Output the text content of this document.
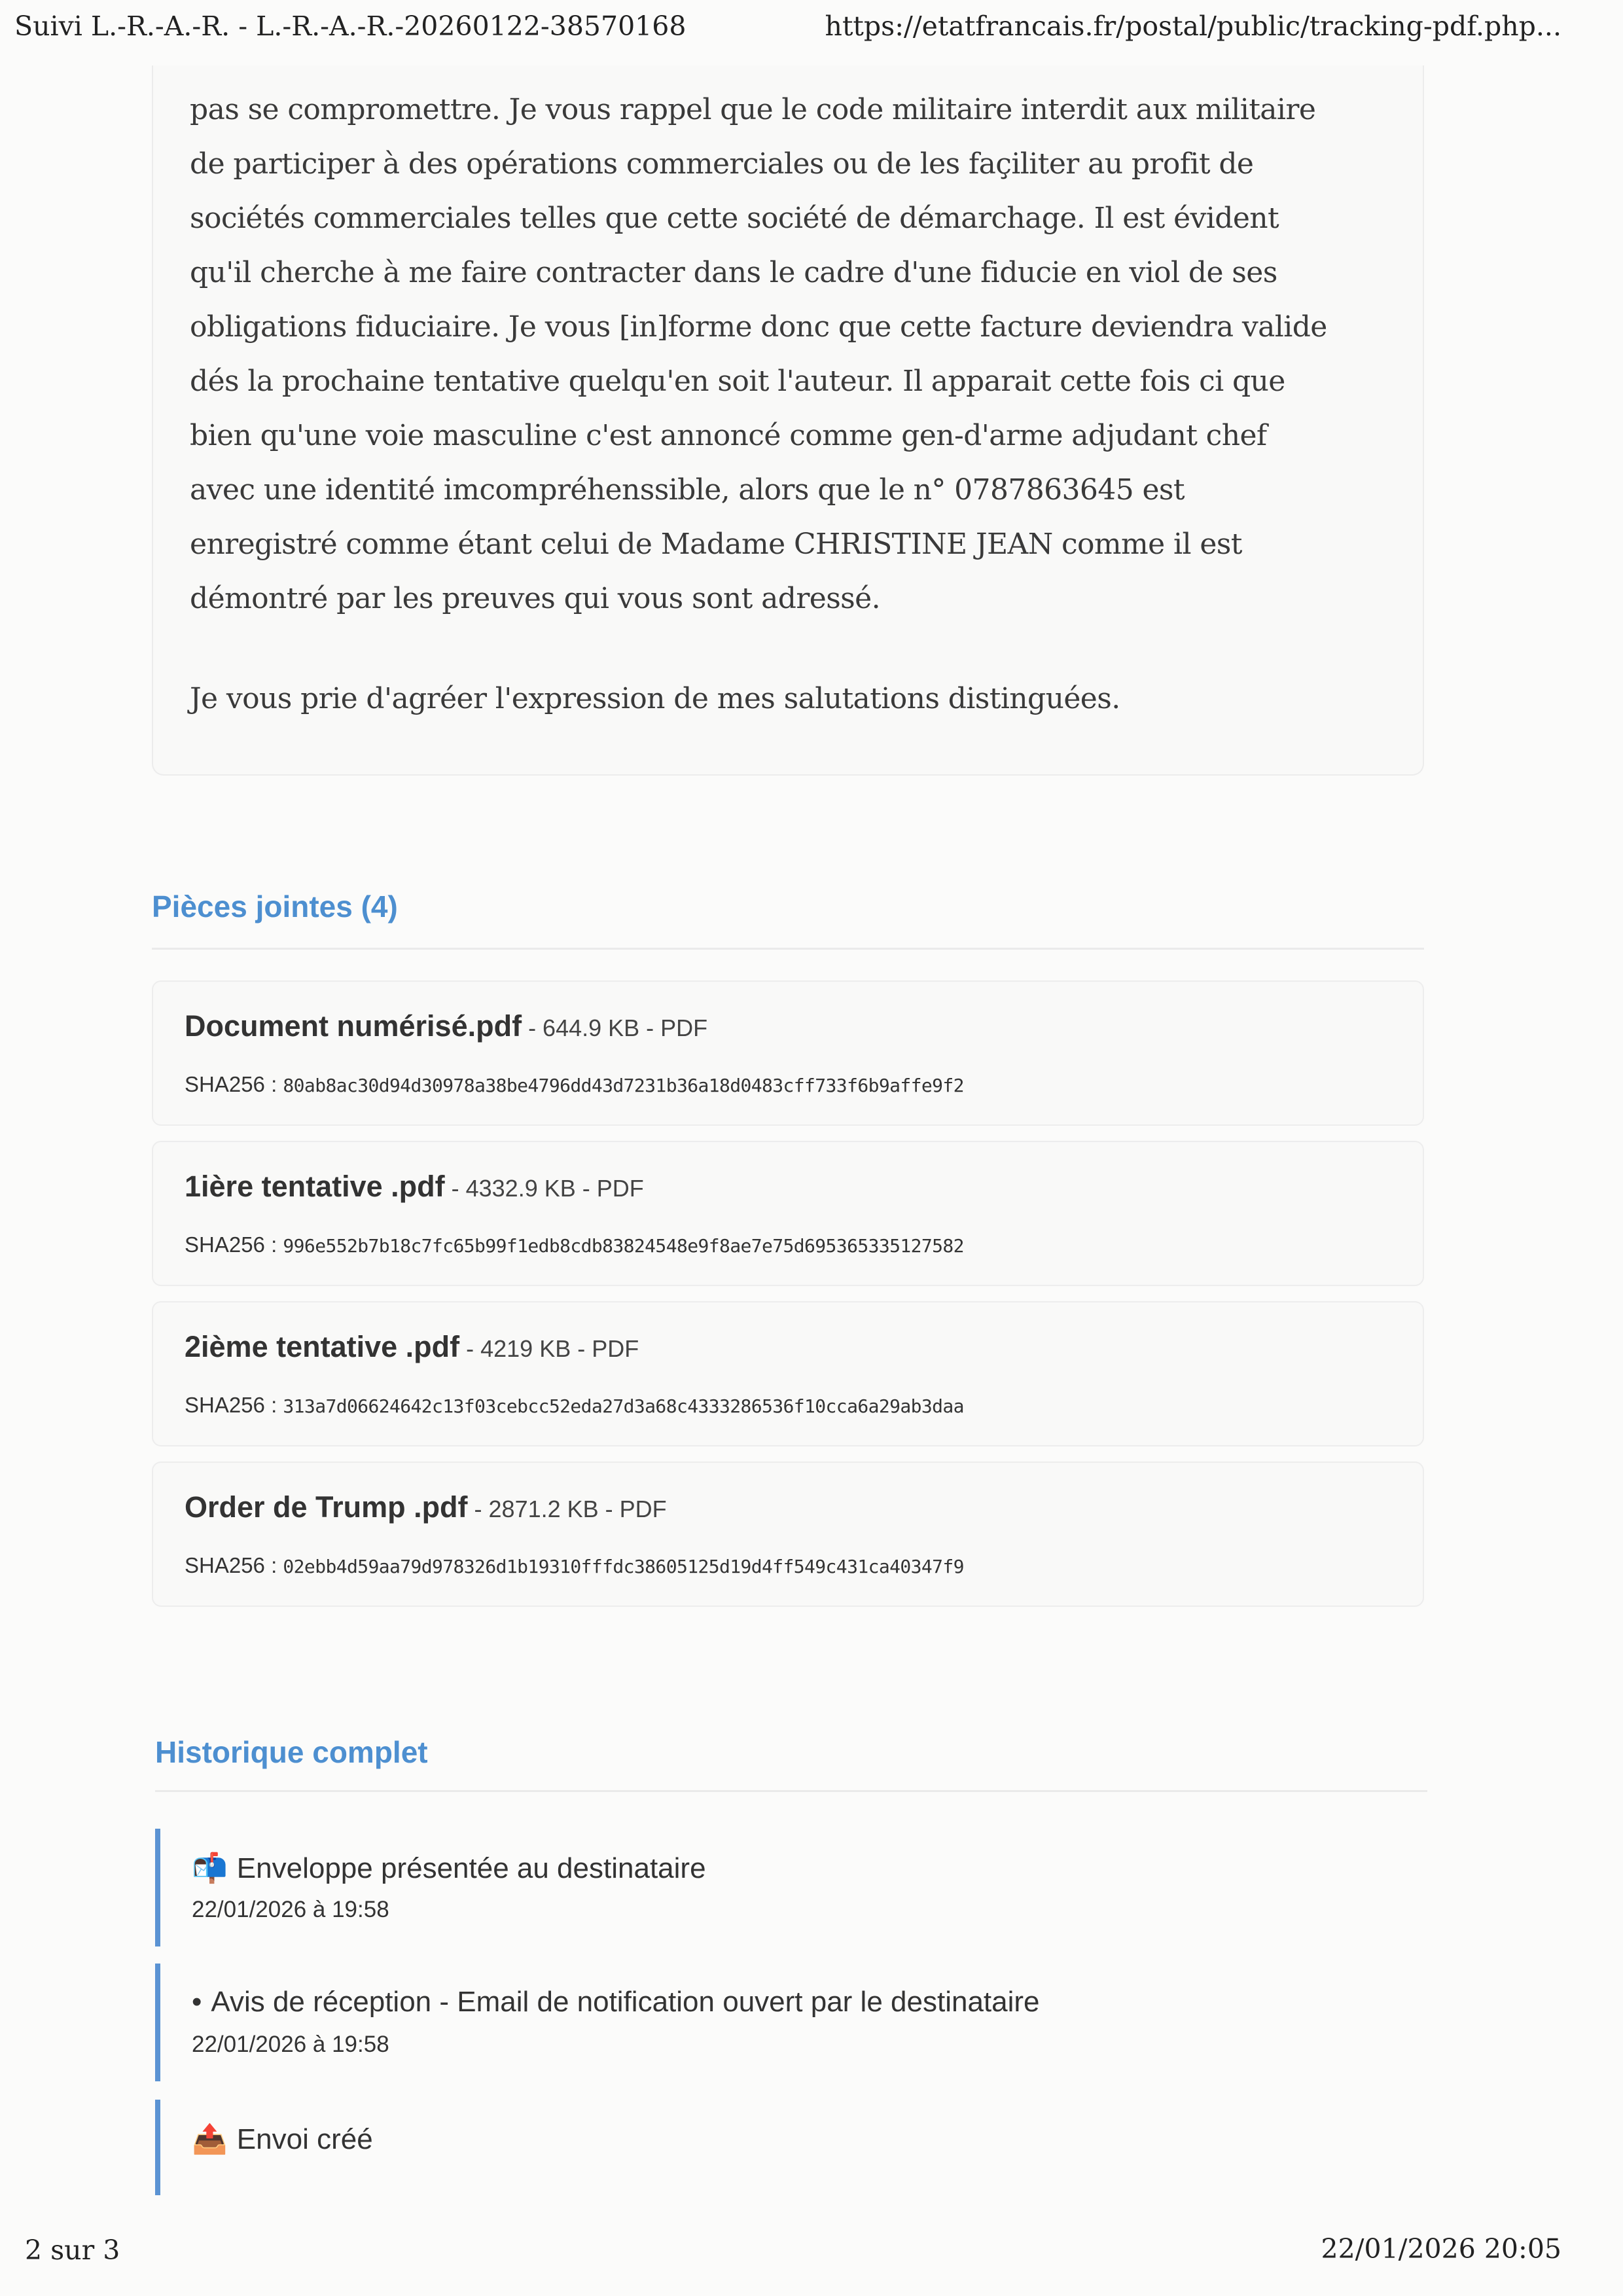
Suivi L.-R.-A.-R. - L.-R.-A.-R.-20260122-38570168	https://etatfrancais.fr/postal/public/tracking-pdf.php...
pas se compromettre. Je vous rappel que le code militaire interdit aux militaire
de participer à des opérations commerciales ou de les façiliter au profit de
sociétés commerciales telles que cette société de démarchage. Il est évident
qu'il cherche à me faire contracter dans le cadre d'une fiducie en viol de ses
obligations fiduciaire. Je vous [in]forme donc que cette facture deviendra valide
dés la prochaine tentative quelqu'en soit l'auteur. Il apparait cette fois ci que
bien qu'une voie masculine c'est annoncé comme gen-d'arme adjudant chef
avec une identité imcompréhenssible, alors que le n° 0787863645 est
enregistré comme étant celui de Madame CHRISTINE JEAN comme il est
démontré par les preuves qui vous sont adressé.
Je vous prie d'agréer l'expression de mes salutations distinguées.
Pièces jointes (4)
Document numérisé.pdf - 644.9 KB - PDF
SHA256 : 80ab8ac30d94d30978a38be4796dd43d7231b36a18d0483cff733f6b9affe9f2
1ière tentative .pdf - 4332.9 KB - PDF
SHA256 : 996e552b7b18c7fc65b99f1edb8cdb83824548e9f8ae7e75d695365335127582
2ième tentative .pdf - 4219 KB - PDF
SHA256 : 313a7d06624642c13f03cebcc52eda27d3a68c4333286536f10cca6a29ab3daa
Order de Trump .pdf - 2871.2 KB - PDF
SHA256 : 02ebb4d59aa79d978326d1b19310fffdc38605125d19d4ff549c431ca40347f9
Historique complet
📬 Enveloppe présentée au destinataire
22/01/2026 à 19:58
• Avis de réception - Email de notification ouvert par le destinataire
22/01/2026 à 19:58
📤 Envoi créé
2 sur 3	22/01/2026 20:05
